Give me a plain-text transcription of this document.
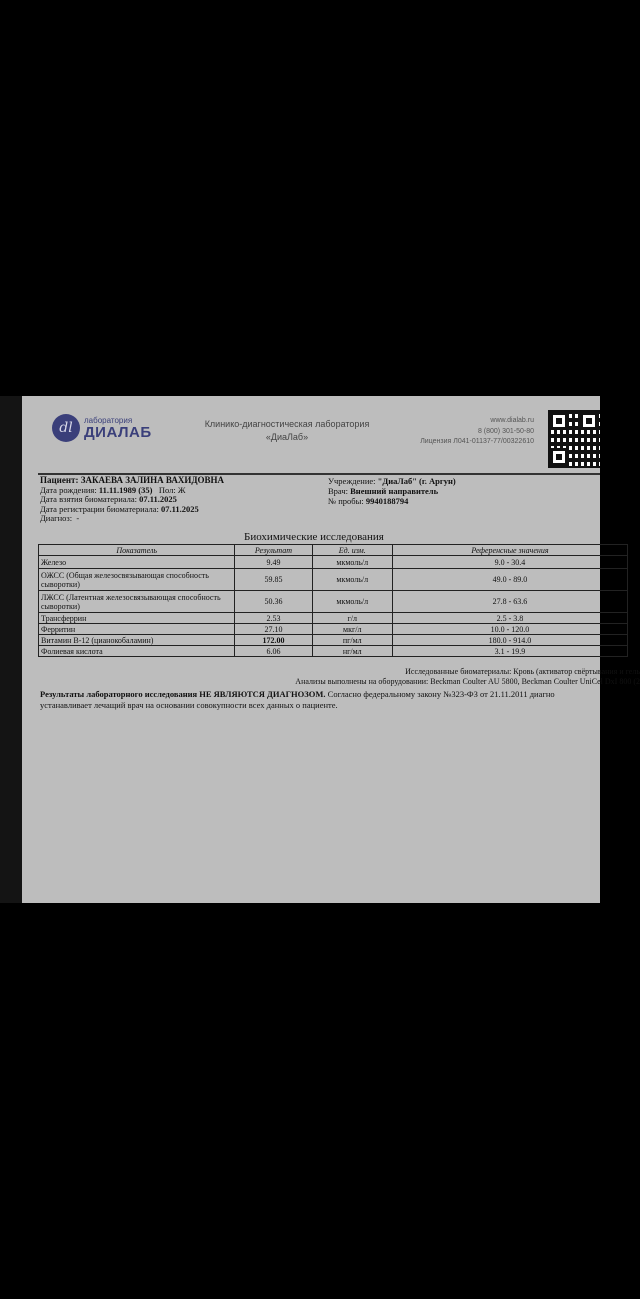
dl	лаборатория
ДИАЛАБ	Клинико-диагностическая лаборатория
«ДиаЛаб»
www.dialab.ru
8 (800) 301-50-80
Лицензия Л041-01137-77/00322610
Пациент: ЗАКАЕВА ЗАЛИНА ВАХИДОВНА
Дата рождения: 11.11.1989 (35) Пол: Ж
Дата взятия биоматериала: 07.11.2025
Дата регистрации биоматериала: 07.11.2025
Диагноз: -
Учреждение: "ДиаЛаб" (г. Аргун)
Врач: Внешний направитель
№ пробы: 9940188794
Биохимические исследования
Показатель	Результат	Ед. изм.	Референсные значения
Железо	9.49	мкмоль/л	9.0 - 30.4
ОЖСС (Общая железосвязывающая способность сыворотки)	59.85	мкмоль/л	49.0 - 89.0
ЛЖСС (Латентная железосвязывающая способность сыворотки)	50.36	мкмоль/л	27.8 - 63.6
Трансферрин	2.53	г/л	2.5 - 3.8
Ферритин	27.10	мкг/л	10.0 - 120.0
Витамин В-12 (цианокобаламин)	172.00	пг/мл	180.0 - 914.0
Фолиевая кислота	6.06	нг/мл	3.1 - 19.9
Исследованные биоматериалы: Кровь (активатор свёртывания и гель
Анализы выполнены на оборудовании: Beckman Coulter AU 5800, Beckman Coulter UniCel DxI 800 (2
Результаты лабораторного исследования НЕ ЯВЛЯЮТСЯ ДИАГНОЗОМ. Согласно федеральному закону №323-ФЗ от 21.11.2011 диагно
устанавливает лечащий врач на основании совокупности всех данных о пациенте.
